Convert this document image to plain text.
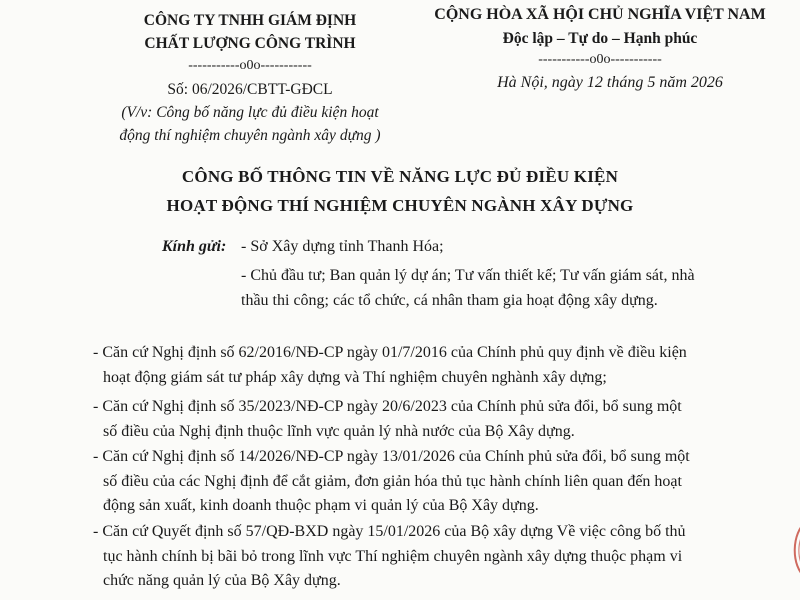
CÔNG TY TNHH GIÁM ĐỊNH
CHẤT LƯỢNG CÔNG TRÌNH
-----------o0o-----------
Số: 06/2026/CBTT-GĐCL
(V/v: Công bố năng lực đủ điều kiện hoạt
động thí nghiệm chuyên ngành xây dựng )
CỘNG HÒA XÃ HỘI CHỦ NGHĨA VIỆT NAM
Độc lập – Tự do – Hạnh phúc
-----------o0o-----------
Hà Nội, ngày 12 tháng 5 năm 2026
CÔNG BỐ THÔNG TIN VỀ NĂNG LỰC ĐỦ ĐIỀU KIỆN
HOẠT ĐỘNG THÍ NGHIỆM CHUYÊN NGÀNH XÂY DỰNG
Kính gửi: - Sở Xây dựng tỉnh Thanh Hóa;
- Chủ đầu tư; Ban quản lý dự án; Tư vấn thiết kế; Tư vấn giám sát, nhà
thầu thi công; các tổ chức, cá nhân tham gia hoạt động xây dựng.
- Căn cứ Nghị định số 62/2016/NĐ-CP ngày 01/7/2016 của Chính phủ quy định về điều kiện
hoạt động giám sát tư pháp xây dựng và Thí nghiệm chuyên nghành xây dựng;
- Căn cứ Nghị định số 35/2023/NĐ-CP ngày 20/6/2023 của Chính phủ sửa đổi, bổ sung một
số điều của Nghị định thuộc lĩnh vực quản lý nhà nước của Bộ Xây dựng.
- Căn cứ Nghị định số 14/2026/NĐ-CP ngày 13/01/2026 của Chính phủ sửa đổi, bổ sung một
số điều của các Nghị định để cắt giảm, đơn giản hóa thủ tục hành chính liên quan đến hoạt
động sản xuất, kinh doanh thuộc phạm vi quản lý của Bộ Xây dựng.
- Căn cứ Quyết định số 57/QĐ-BXD ngày 15/01/2026 của Bộ xây dựng Về việc công bố thủ
tục hành chính bị bãi bỏ trong lĩnh vực Thí nghiệm chuyên ngành xây dựng thuộc phạm vi
chức năng quản lý của Bộ Xây dựng.
